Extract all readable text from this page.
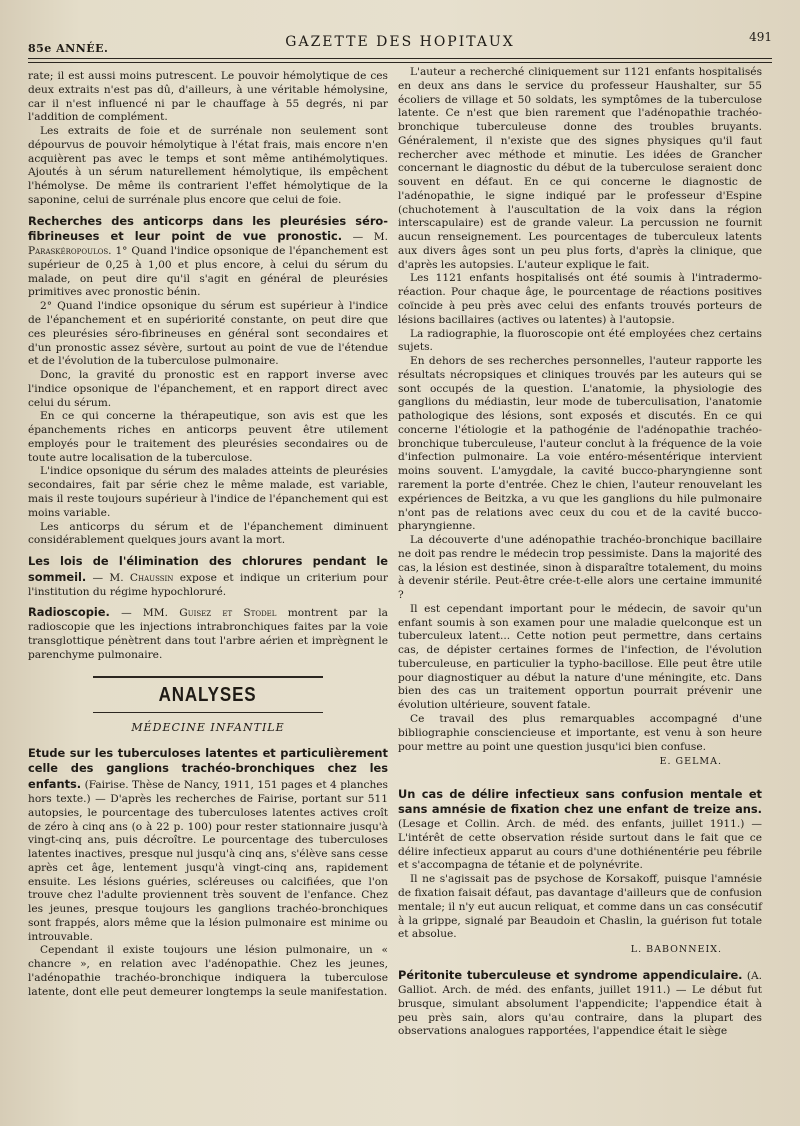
85e ANNÉE.	GAZETTE DES HOPITAUX	491

rate; il est aussi moins putrescent. Le pouvoir hémolytique de ces deux extraits n'est pas dû, d'ailleurs, à une véritable hémolysine, car il n'est influencé ni par le chauffage à 55 degrés, ni par l'addition de complément.

Les extraits de foie et de surrénale non seulement sont dépourvus de pouvoir hémolytique à l'état frais, mais encore n'en acquièrent pas avec le temps et sont même antihémolytiques. Ajoutés à un sérum naturellement hémolytique, ils empêchent l'hémolyse. De même ils contrarient l'effet hémolytique de la saponine, celui de surrénale plus encore que celui de foie.

Recherches des anticorps dans les pleurésies séro-fibrineuses et leur point de vue pronostic. — M. Paraskéropoulos. 1° Quand l'indice opsonique de l'épanchement est supérieur de 0,25 à 1,00 et plus encore, à celui du sérum du malade, on peut dire qu'il s'agit en général de pleurésies primitives avec pronostic bénin.

2° Quand l'indice opsonique du sérum est supérieur à l'indice de l'épanchement et en supériorité constante, on peut dire que ces pleurésies séro-fibrineuses en général sont secondaires et d'un pronostic assez sévère, surtout au point de vue de l'étendue et de l'évolution de la tuberculose pulmonaire.

Donc, la gravité du pronostic est en rapport inverse avec l'indice opsonique de l'épanchement, et en rapport direct avec celui du sérum.

En ce qui concerne la thérapeutique, son avis est que les épanchements riches en anticorps peuvent être utilement employés pour le traitement des pleurésies secondaires ou de toute autre localisation de la tuberculose.

L'indice opsonique du sérum des malades atteints de pleurésies secondaires, fait par série chez le même malade, est variable, mais il reste toujours supérieur à l'indice de l'épanchement qui est moins variable.

Les anticorps du sérum et de l'épanchement diminuent considérablement quelques jours avant la mort.

Les lois de l'élimination des chlorures pendant le sommeil. — M. Chaussin expose et indique un criterium pour l'institution du régime hypochloruré.

Radioscopie. — MM. Guisez et Stodel montrent par la radioscopie que les injections intrabronchiques faites par la voie transglottique pénètrent dans tout l'arbre aérien et imprègnent le parenchyme pulmonaire.

ANALYSES
MÉDECINE INFANTILE

Etude sur les tuberculoses latentes et particulièrement celle des ganglions trachéo-bronchiques chez les enfants. (Fairise. Thèse de Nancy, 1911, 151 pages et 4 planches hors texte.) — D'après les recherches de Fairise, portant sur 511 autopsies, le pourcentage des tuberculoses latentes actives croît de zéro à cinq ans (o à 22 p. 100) pour rester stationnaire jusqu'à vingt-cinq ans, puis décroître. Le pourcentage des tuberculoses latentes inactives, presque nul jusqu'à cinq ans, s'élève sans cesse après cet âge, lentement jusqu'à vingt-cinq ans, rapidement ensuite. Les lésions guéries, scléreuses ou calcifiées, que l'on trouve chez l'adulte proviennent très souvent de l'enfance. Chez les jeunes, presque toujours les ganglions trachéo-bronchiques sont frappés, alors même que la lésion pulmonaire est minime ou introuvable.

Cependant il existe toujours une lésion pulmonaire, un « chancre », en relation avec l'adénopathie. Chez les jeunes, l'adénopathie trachéo-bronchique indiquera la tuberculose latente, dont elle peut demeurer longtemps la seule manifestation.

L'auteur a recherché cliniquement sur 1121 enfants hospitalisés en deux ans dans le service du professeur Haushalter, sur 55 écoliers de village et 50 soldats, les symptômes de la tuberculose latente. Ce n'est que bien rarement que l'adénopathie trachéo-bronchique tuberculeuse donne des troubles bruyants. Généralement, il n'existe que des signes physiques qu'il faut rechercher avec méthode et minutie. Les idées de Grancher concernant le diagnostic du début de la tuberculose seraient donc souvent en défaut. En ce qui concerne le diagnostic de l'adénopathie, le signe indiqué par le professeur d'Espine (chuchotement à l'auscultation de la voix dans la région interscapulaire) est de grande valeur. La percussion ne fournit aucun renseignement. Les pourcentages de tuberculeux latents aux divers âges sont un peu plus forts, d'après la clinique, que d'après les autopsies. L'auteur explique le fait.

Les 1121 enfants hospitalisés ont été soumis à l'intradermo-réaction. Pour chaque âge, le pourcentage de réactions positives coïncide à peu près avec celui des enfants trouvés porteurs de lésions bacillaires (actives ou latentes) à l'autopsie.

La radiographie, la fluoroscopie ont été employées chez certains sujets.

En dehors de ses recherches personnelles, l'auteur rapporte les résultats nécropsiques et cliniques trouvés par les auteurs qui se sont occupés de la question. L'anatomie, la physiologie des ganglions du médiastin, leur mode de tuberculisation, l'anatomie pathologique des lésions, sont exposés et discutés. En ce qui concerne l'étiologie et la pathogénie de l'adénopathie trachéo-bronchique tuberculeuse, l'auteur conclut à la fréquence de la voie d'infection pulmonaire. La voie entéro-mésentérique intervient moins souvent. L'amygdale, la cavité bucco-pharyngienne sont rarement la porte d'entrée. Chez le chien, l'auteur renouvelant les expériences de Beitzka, a vu que les ganglions du hile pulmonaire n'ont pas de relations avec ceux du cou et de la cavité bucco-pharyngienne.

La découverte d'une adénopathie trachéo-bronchique bacillaire ne doit pas rendre le médecin trop pessimiste. Dans la majorité des cas, la lésion est destinée, sinon à disparaître totalement, du moins à devenir stérile. Peut-être crée-t-elle alors une certaine immunité ?

Il est cependant important pour le médecin, de savoir qu'un enfant soumis à son examen pour une maladie quelconque est un tuberculeux latent... Cette notion peut permettre, dans certains cas, de dépister certaines formes de l'infection, de l'évolution tuberculeuse, en particulier la typho-bacillose. Elle peut être utile pour diagnostiquer au début la nature d'une méningite, etc. Dans bien des cas un traitement opportun pourrait prévenir une évolution ultérieure, souvent fatale.

Ce travail des plus remarquables accompagné d'une bibliographie consciencieuse et importante, est venu à son heure pour mettre au point une question jusqu'ici bien confuse.

E. GELMA.

Un cas de délire infectieux sans confusion mentale et sans amnésie de fixation chez une enfant de treize ans. (Lesage et Collin. Arch. de méd. des enfants, juillet 1911.) — L'intérêt de cette observation réside surtout dans le fait que ce délire infectieux apparut au cours d'une dothiénentérie peu fébrile et s'accompagna de tétanie et de polynévrite.

Il ne s'agissait pas de psychose de Korsakoff, puisque l'amnésie de fixation faisait défaut, pas davantage d'ailleurs que de confusion mentale; il n'y eut aucun reliquat, et comme dans un cas consécutif à la grippe, signalé par Beaudoin et Chaslin, la guérison fut totale et absolue.

L. BABONNEIX.

Péritonite tuberculeuse et syndrome appendiculaire. (A. Galliot. Arch. de méd. des enfants, juillet 1911.) — Le début fut brusque, simulant absolument l'appendicite; l'appendice était à peu près sain, alors qu'au contraire, dans la plupart des observations analogues rapportées, l'appendice était le siège
